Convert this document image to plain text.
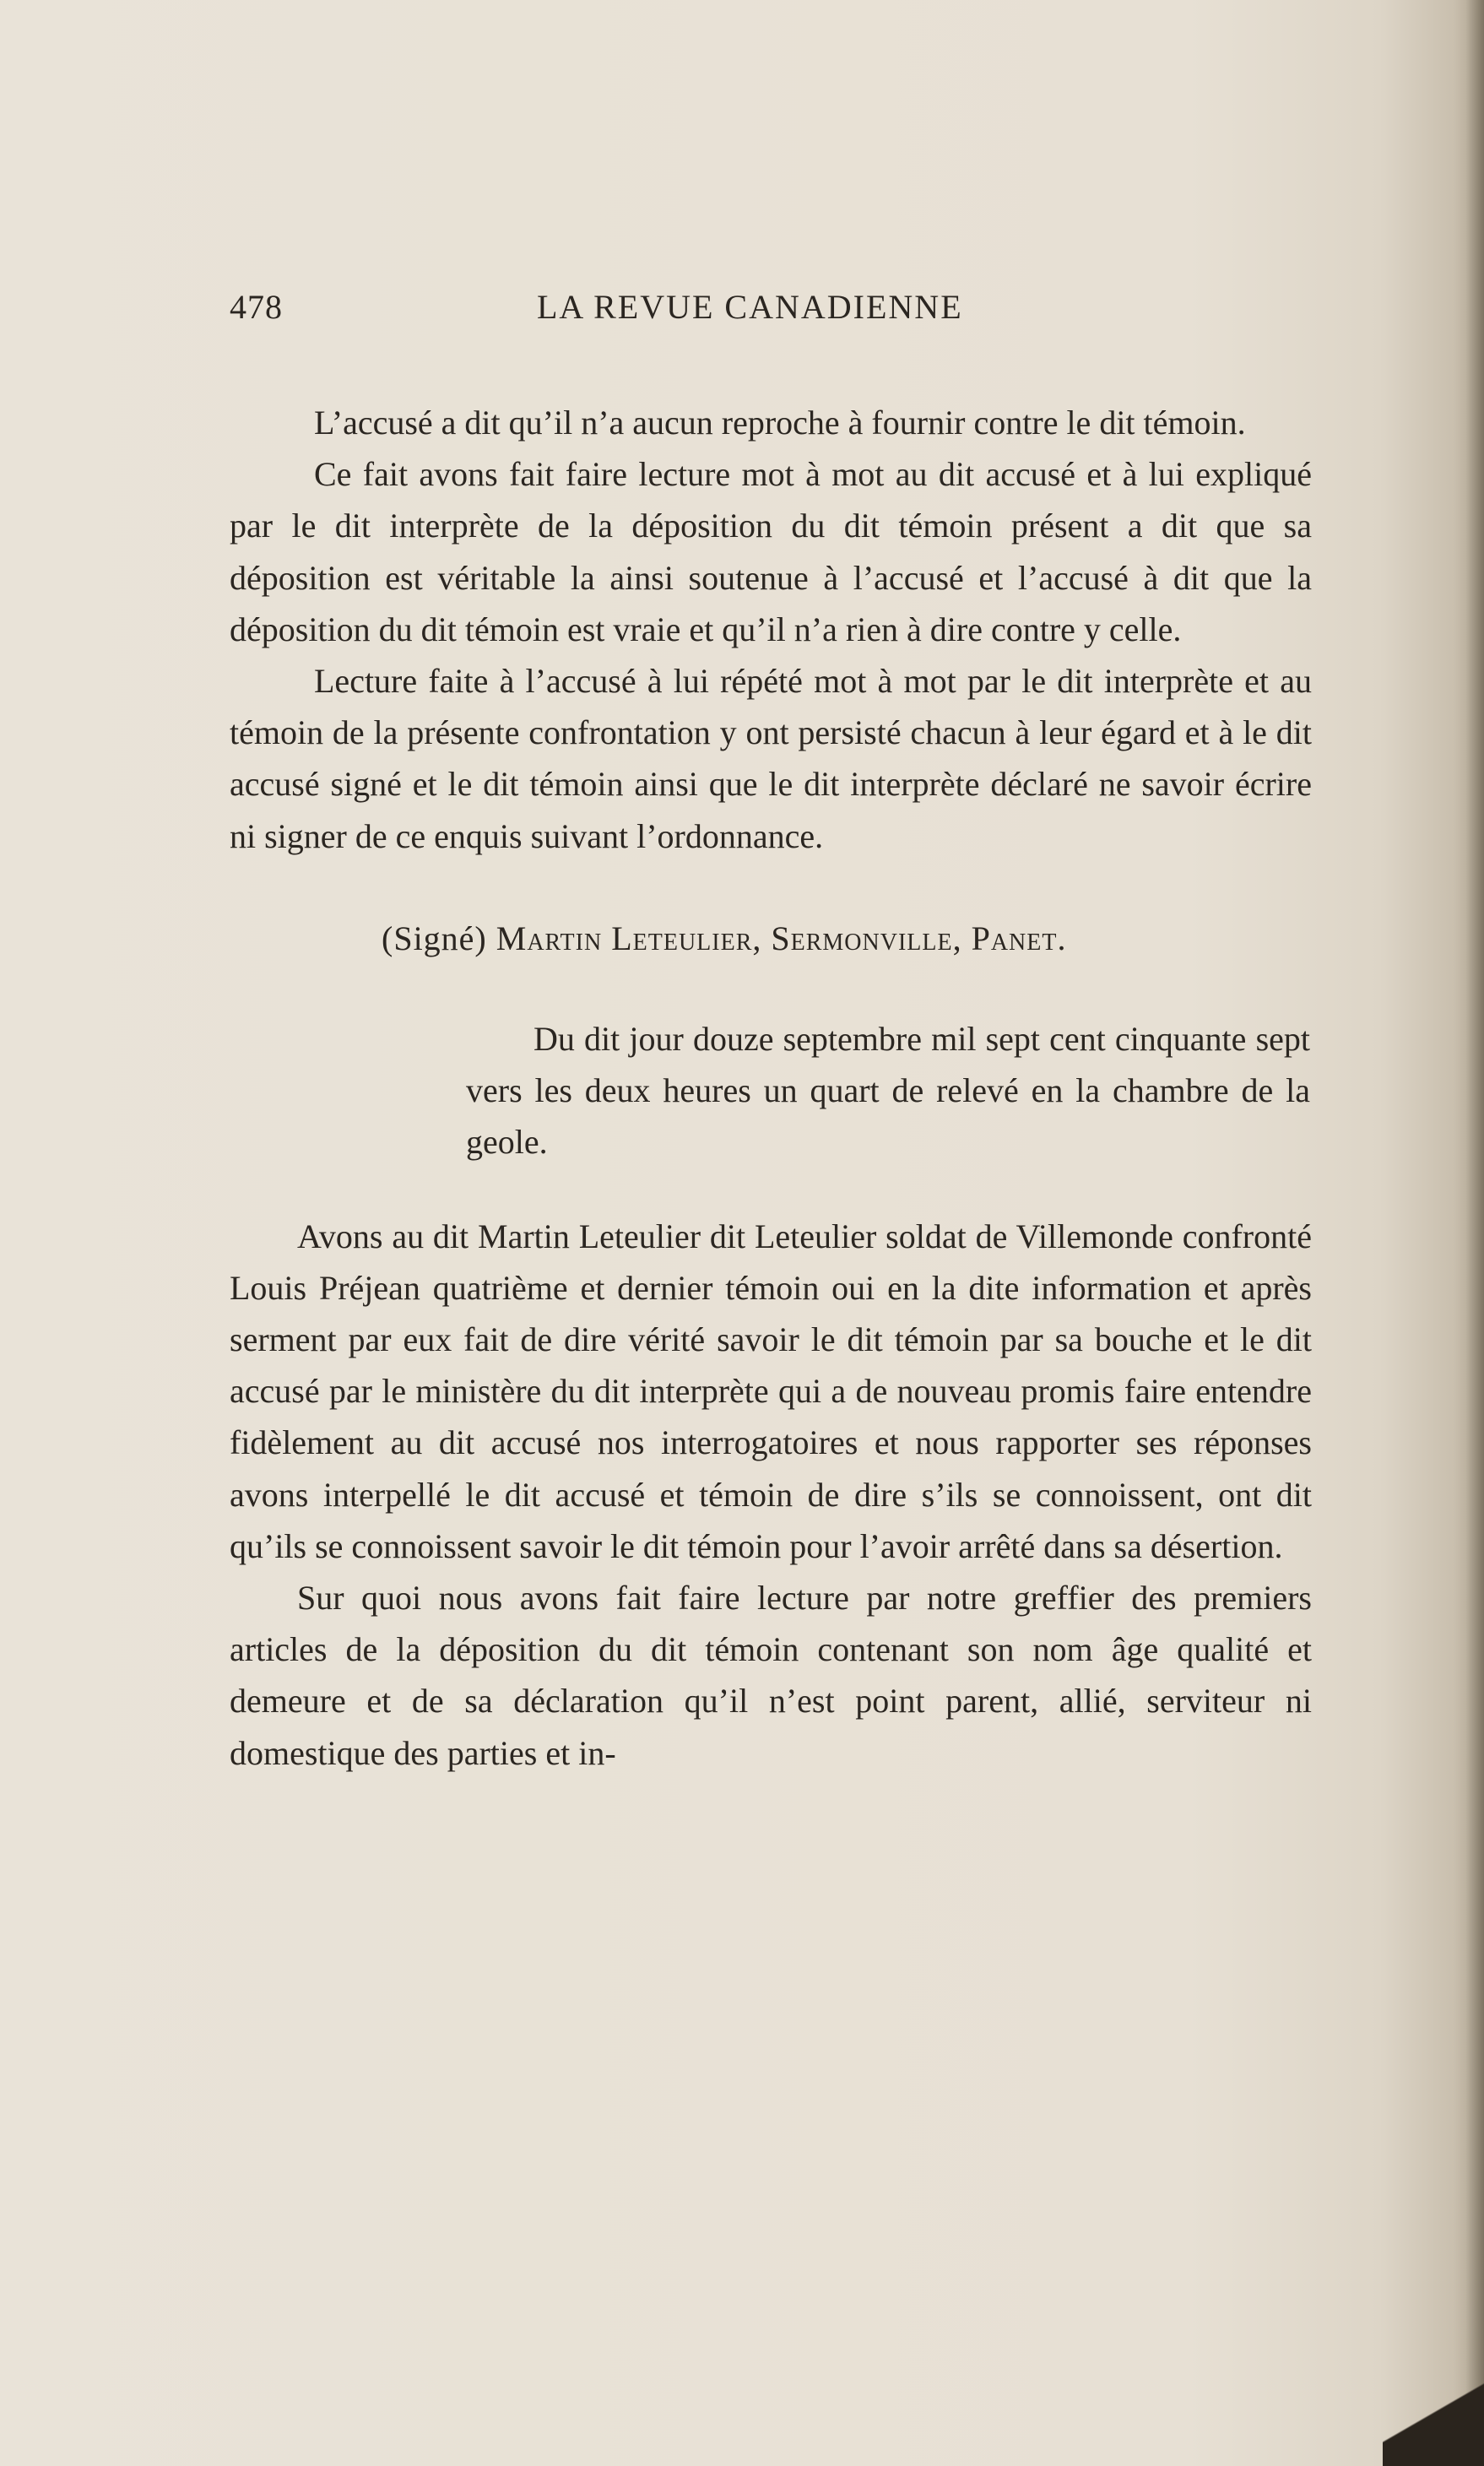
478	LA REVUE CANADIENNE

L’accusé a dit qu’il n’a aucun reproche à fournir contre le dit témoin.

Ce fait avons fait faire lecture mot à mot au dit accusé et à lui expliqué par le dit interprète de la déposition du dit témoin présent a dit que sa déposition est véritable la ainsi soutenue à l’accusé et l’accusé à dit que la déposition du dit témoin est vraie et qu’il n’a rien à dire contre y celle.

Lecture faite à l’accusé à lui répété mot à mot par le dit interprète et au témoin de la présente confrontation y ont persisté chacun à leur égard et à le dit accusé signé et le dit témoin ainsi que le dit interprète déclaré ne savoir écrire ni signer de ce enquis suivant l’ordonnance.

(Signé) Martin Leteulier, Sermonville, Panet.
Du dit jour douze septembre mil sept cent cinquante sept vers les deux heures un quart de relevé en la chambre de la geole.

Avons au dit Martin Leteulier dit Leteulier soldat de Villemonde confronté Louis Préjean quatrième et dernier témoin oui en la dite information et après serment par eux fait de dire vérité savoir le dit témoin par sa bouche et le dit accusé par le ministère du dit interprète qui a de nouveau promis faire entendre fidèlement au dit accusé nos interrogatoires et nous rapporter ses réponses avons interpellé le dit accusé et témoin de dire s’ils se connoissent, ont dit qu’ils se connoissent savoir le dit témoin pour l’avoir arrêté dans sa désertion.

Sur quoi nous avons fait faire lecture par notre greffier des premiers articles de la déposition du dit témoin contenant son nom âge qualité et demeure et de sa déclaration qu’il n’est point parent, allié, serviteur ni domestique des parties et in-
